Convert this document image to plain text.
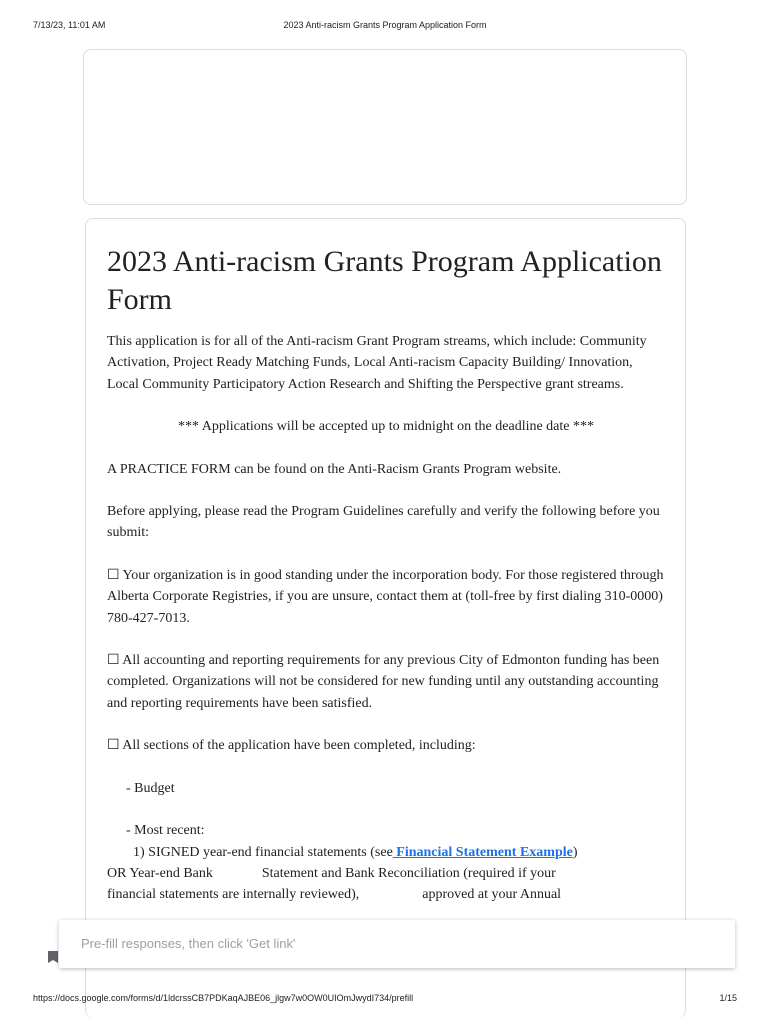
7/13/23, 11:01 AM	2023 Anti-racism Grants Program Application Form
2023 Anti-racism Grants Program Application Form

This application is for all of the Anti-racism Grant Program streams, which include: Community Activation, Project Ready Matching Funds, Local Anti-racism Capacity Building/ Innovation, Local Community Participatory Action Research and Shifting the Perspective grant streams.

*** Applications will be accepted up to midnight on the deadline date ***

A PRACTICE FORM can be found on the Anti-Racism Grants Program website.

Before applying, please read the Program Guidelines carefully and verify the following before you submit:

☐ Your organization is in good standing under the incorporation body. For those registered through Alberta Corporate Registries, if you are unsure, contact them at (toll-free by first dialing 310-0000) 780-427-7013.

☐ All accounting and reporting requirements for any previous City of Edmonton funding has been completed. Organizations will not be considered for new funding until any outstanding accounting and reporting requirements have been satisfied.

☐ All sections of the application have been completed, including:

- Budget

- Most recent:

1) SIGNED year-end financial statements (see Financial Statement Example)

OR Year-end Bank              Statement and Bank Reconciliation (required if your

financial statements are internally reviewed),                  approved at your Annual

Pre-fill responses, then click 'Get link'
https://docs.google.com/forms/d/1ldcrssCB7PDKaqAJBE06_jlgw7w0OW0UIOmJwydI734/prefill	1/15
